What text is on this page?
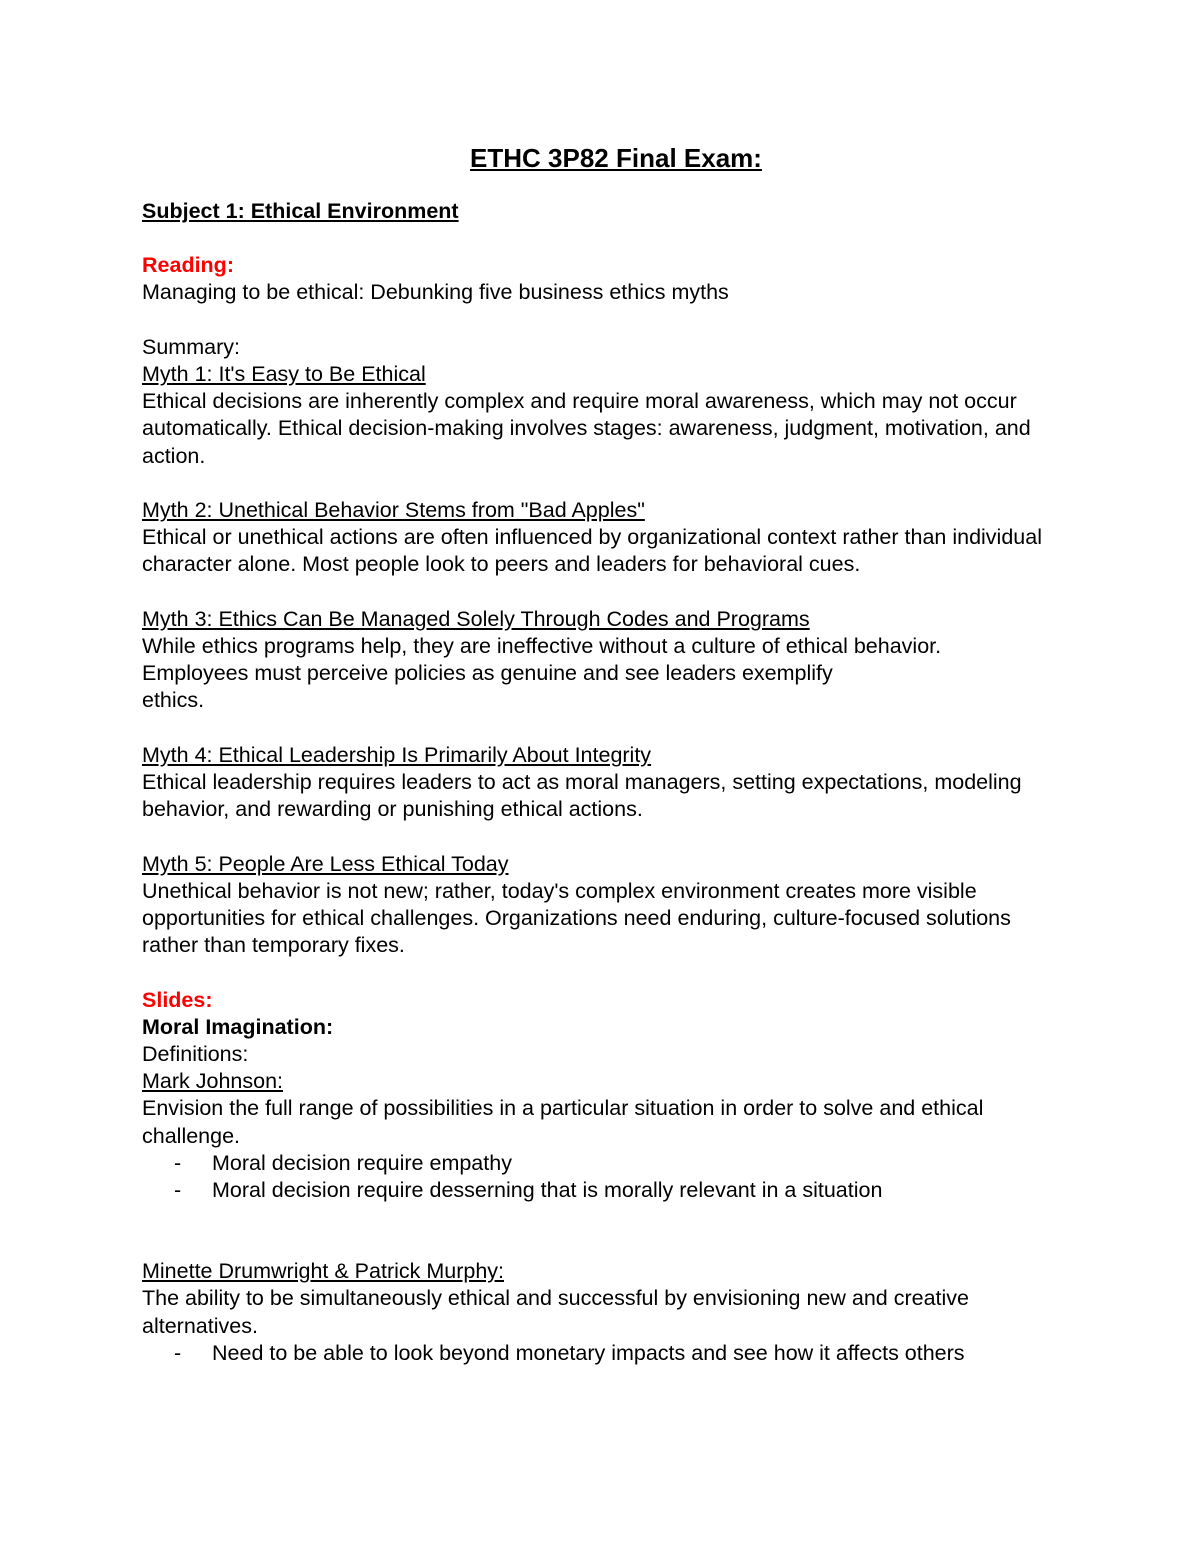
ETHC 3P82 Final Exam:

Subject 1: Ethical Environment

Reading:

Managing to be ethical: Debunking five business ethics myths

Summary:

Myth 1: It's Easy to Be Ethical

Ethical decisions are inherently complex and require moral awareness, which may not occur automatically. Ethical decision-making involves stages: awareness, judgment, motivation, and action.

Myth 2: Unethical Behavior Stems from "Bad Apples"

Ethical or unethical actions are often influenced by organizational context rather than individual character alone. Most people look to peers and leaders for behavioral cues.

Myth 3: Ethics Can Be Managed Solely Through Codes and Programs

While ethics programs help, they are ineffective without a culture of ethical behavior.

Employees must perceive policies as genuine and see leaders exemplify

ethics.

Myth 4: Ethical Leadership Is Primarily About Integrity

Ethical leadership requires leaders to act as moral managers, setting expectations, modeling behavior, and rewarding or punishing ethical actions.

Myth 5: People Are Less Ethical Today

Unethical behavior is not new; rather, today's complex environment creates more visible opportunities for ethical challenges. Organizations need enduring, culture-focused solutions rather than temporary fixes.

Slides:

Moral Imagination:

Definitions:

Mark Johnson:

Envision the full range of possibilities in a particular situation in order to solve and ethical challenge.

- Moral decision require empathy
- Moral decision require desserning that is morally relevant in a situation

Minette Drumwright & Patrick Murphy:

The ability to be simultaneously ethical and successful by envisioning new and creative alternatives.

- Need to be able to look beyond monetary impacts and see how it affects others
